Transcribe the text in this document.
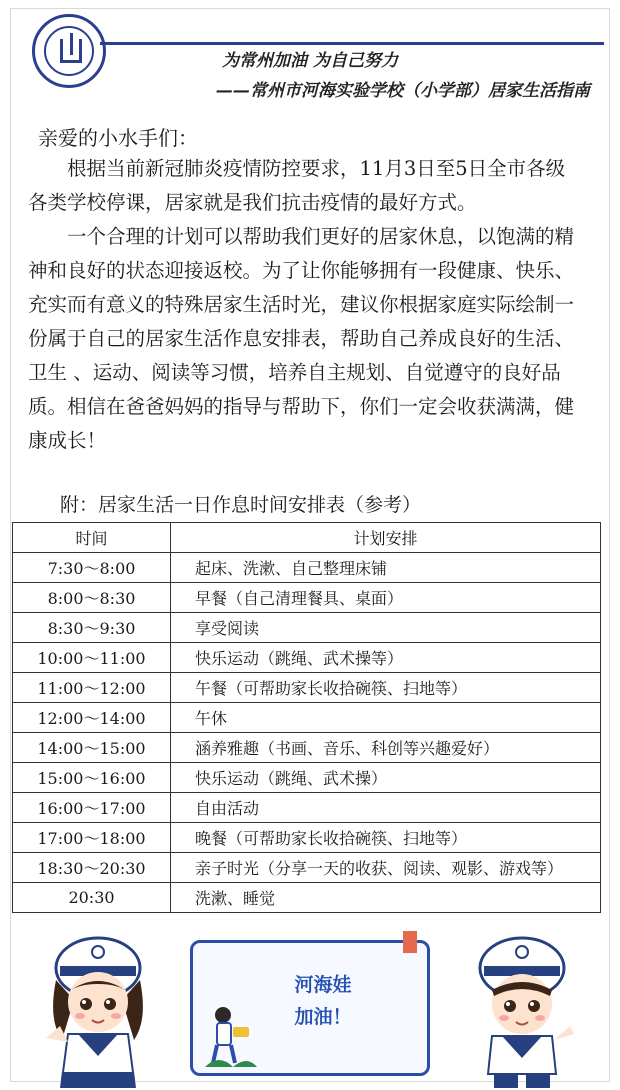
为常州加油 为自己努力
——常州市河海实验学校（小学部）居家生活指南
亲爱的小水手们：

根据当前新冠肺炎疫情防控要求，11月3日至5日全市各级各类学校停课，居家就是我们抗击疫情的最好方式。

一个合理的计划可以帮助我们更好的居家休息，以饱满的精神和良好的状态迎接返校。为了让你能够拥有一段健康、快乐、充实而有意义的特殊居家生活时光，建议你根据家庭实际绘制一份属于自己的居家生活作息安排表，帮助自己养成良好的生活、卫生 、运动、阅读等习惯，培养自主规划、自觉遵守的良好品质。相信在爸爸妈妈的指导与帮助下，你们一定会收获满满，健康成长！

附：居家生活一日作息时间安排表（参考）
时间	计划安排
7:30～8:00	起床、洗漱、自己整理床铺
8:00～8:30	早餐（自己清理餐具、桌面）
8:30～9:30	享受阅读
10:00～11:00	快乐运动（跳绳、武术操等）
11:00～12:00	午餐（可帮助家长收拾碗筷、扫地等）
12:00～14:00	午休
14:00～15:00	涵养雅趣（书画、音乐、科创等兴趣爱好）
15:00～16:00	快乐运动（跳绳、武术操）
16:00～17:00	自由活动
17:00～18:00	晚餐（可帮助家长收拾碗筷、扫地等）
18:30～20:30	亲子时光（分享一天的收获、阅读、观影、游戏等）
20:30	洗漱、睡觉
河海娃
加油！
